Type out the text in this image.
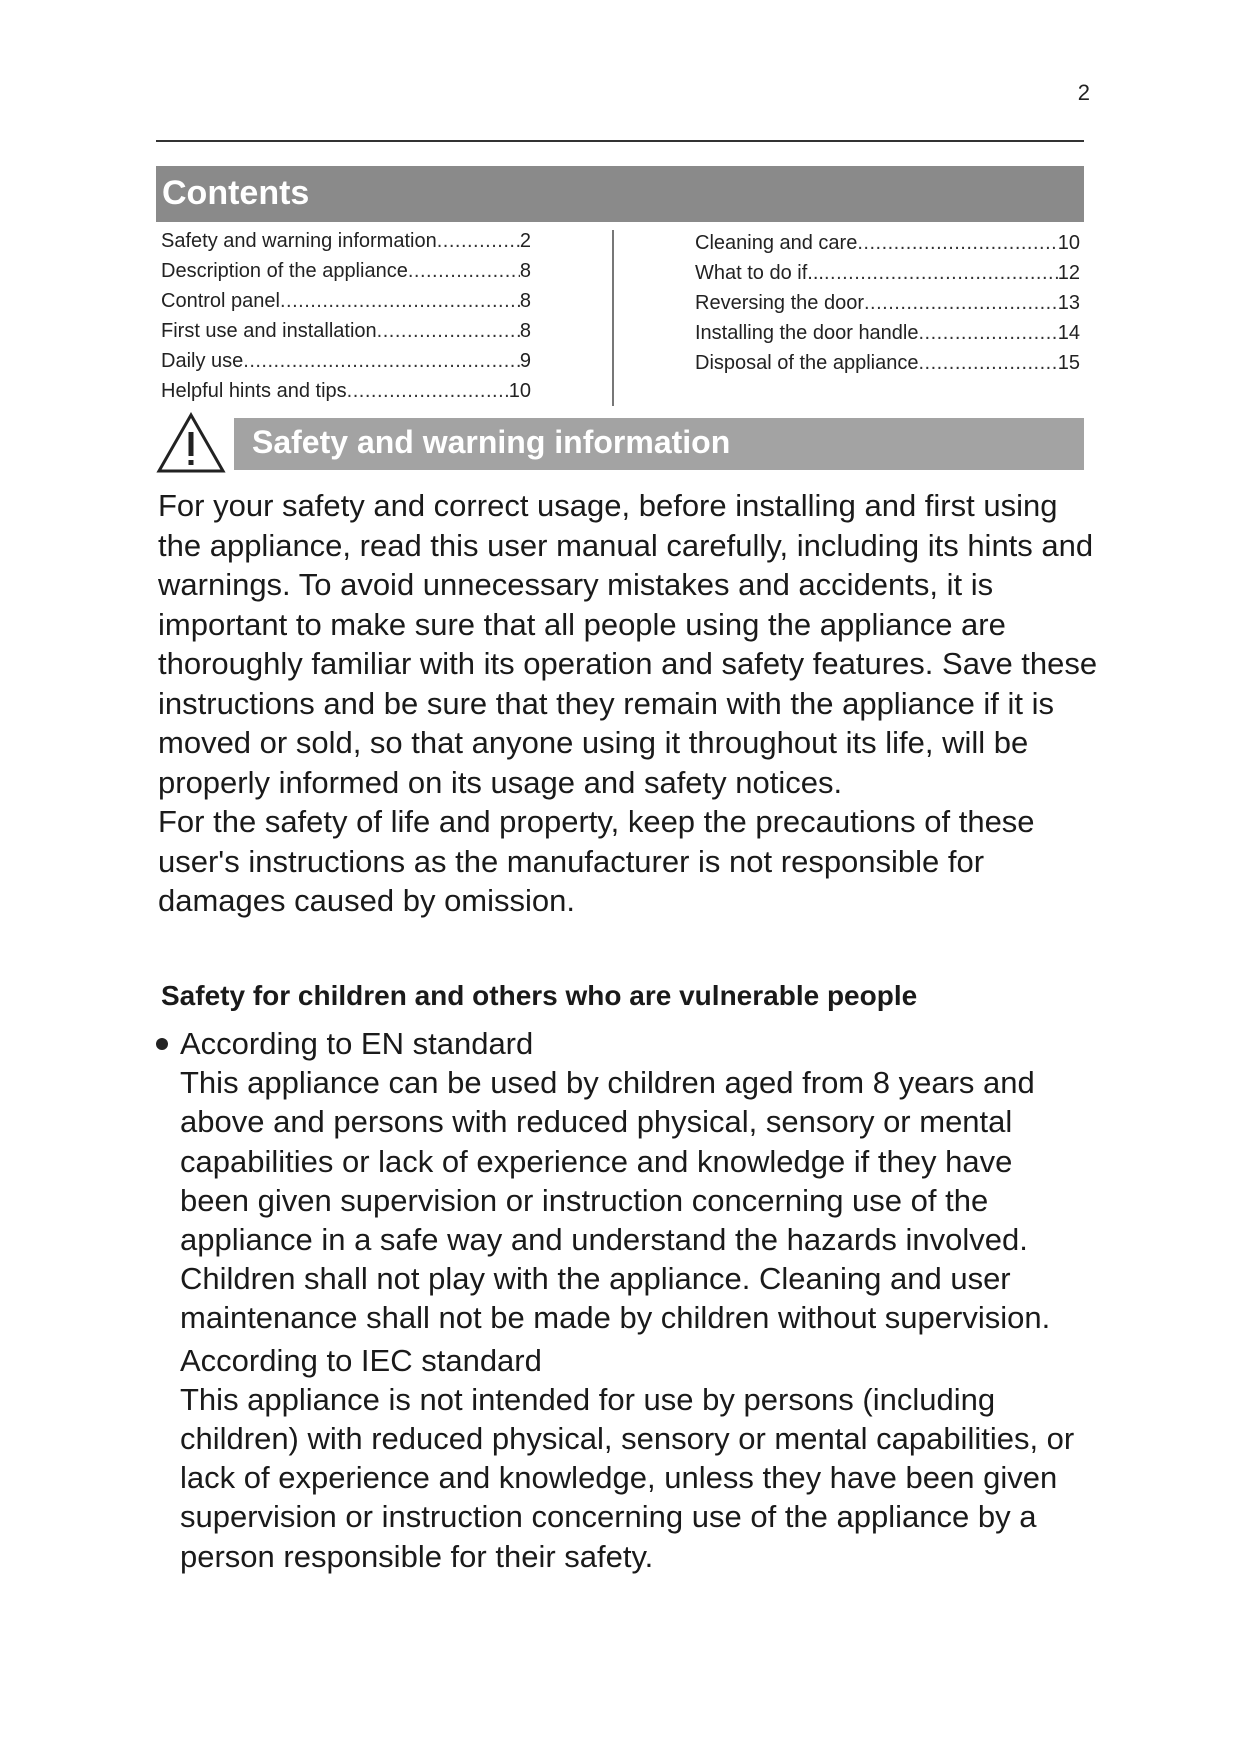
2
Contents
Safety and warning information .....	2
Description of the appliance .....	8
Control panel .....	8
First use and installation .....	8
Daily use .....	9
Helpful hints and tips .....	10
Cleaning and care .....	10
What to do if... .....	12
Reversing the door .....	13
Installing the door handle .....	14
Disposal of the appliance .....	15
Safety and warning information

For your safety and correct usage, before installing and first using the appliance, read this user manual carefully, including its hints and warnings. To avoid unnecessary mistakes and accidents, it is important to make sure that all people using the appliance are thoroughly familiar with its operation and safety features. Save these instructions and be sure that they remain with the appliance if it is moved or sold, so that anyone using it throughout its life, will be properly informed on its usage and safety notices.

For the safety of life and property, keep the precautions of these user's instructions as the manufacturer is not responsible for damages caused by omission.

Safety for children and others who are vulnerable people

According to EN standard

This appliance can be used by children aged from 8 years and above and persons with reduced physical, sensory or mental capabilities or lack of experience and knowledge if they have been given supervision or instruction concerning use of the appliance in a safe way and understand the hazards involved. Children shall not play with the appliance. Cleaning and user maintenance shall not be made by children without supervision.

According to IEC standard

This appliance is not intended for use by persons (including children) with reduced physical, sensory or mental capabilities, or lack of experience and knowledge, unless they have been given supervision or instruction concerning use of the appliance by a person responsible for their safety.
